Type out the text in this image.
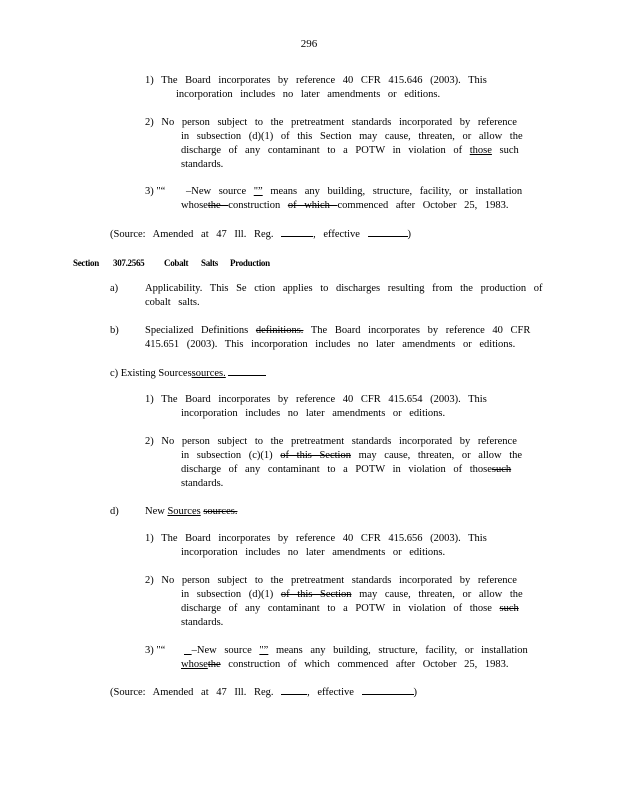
296
1) The Board incorporates by reference 40 CFR 415.646 (2003). This
incorporation includes no later amendments or editions.
2) No person subject to the pretreatment standards incorporated by reference
in subsection (d)(1) of this Section may cause, threaten, or allow the
discharge of any contaminant to a POTW in violation of those such
standards.
3) "“ –New source "” means any building, structure, facility, or installation
whosethe construction of which commenced after October 25, 1983.
(Source: Amended at 47 Ill. Reg.	, effective	)
Section 307.2565 Cobalt Salts Production
a)	Applicability. This Se ction applies to discharges resulting from the production of
cobalt salts.
b)	Specialized Definitions definitions. The Board incorporates by reference 40 CFR
415.651 (2003). This incorporation includes no later amendments or editions.
c) Existing Sourcessources.
1) The Board incorporates by reference 40 CFR 415.654 (2003). This
incorporation includes no later amendments or editions.
2) No person subject to the pretreatment standards incorporated by reference
in subsection (c)(1) of this Section may cause, threaten, or allow the
discharge of any contaminant to a POTW in violation of thosesuch
standards.
d)	New Sources sources.
1) The Board incorporates by reference 40 CFR 415.656 (2003). This
incorporation includes no later amendments or editions.
2) No person subject to the pretreatment standards incorporated by reference
in subsection (d)(1) of this Section may cause, threaten, or allow the
discharge of any contaminant to a POTW in violation of those such
standards.
3) "“	–New source "” means any building, structure, facility, or installation
whosethe construction of which commenced after October 25, 1983.
(Source: Amended at 47 Ill. Reg.	, effective	)
